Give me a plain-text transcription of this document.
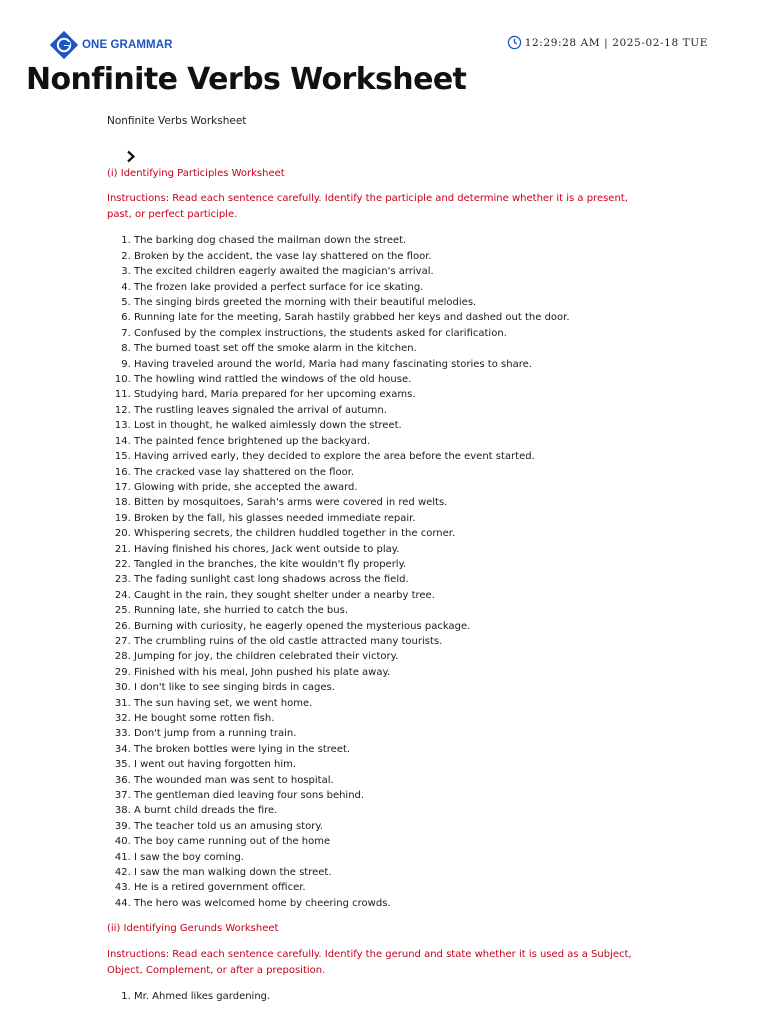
ONE GRAMMAR	12:29:28 AM | 2025-02-18 TUE
Nonfinite Verbs Worksheet
Nonfinite Verbs Worksheet

(i) Identifying Participles Worksheet

Instructions: Read each sentence carefully. Identify the participle and determine whether it is a present, past, or perfect participle.

1. The barking dog chased the mailman down the street.
2. Broken by the accident, the vase lay shattered on the floor.
3. The excited children eagerly awaited the magician's arrival.
4. The frozen lake provided a perfect surface for ice skating.
5. The singing birds greeted the morning with their beautiful melodies.
6. Running late for the meeting, Sarah hastily grabbed her keys and dashed out the door.
7. Confused by the complex instructions, the students asked for clarification.
8. The burned toast set off the smoke alarm in the kitchen.
9. Having traveled around the world, Maria had many fascinating stories to share.
10. The howling wind rattled the windows of the old house.
11. Studying hard, Maria prepared for her upcoming exams.
12. The rustling leaves signaled the arrival of autumn.
13. Lost in thought, he walked aimlessly down the street.
14. The painted fence brightened up the backyard.
15. Having arrived early, they decided to explore the area before the event started.
16. The cracked vase lay shattered on the floor.
17. Glowing with pride, she accepted the award.
18. Bitten by mosquitoes, Sarah's arms were covered in red welts.
19. Broken by the fall, his glasses needed immediate repair.
20. Whispering secrets, the children huddled together in the corner.
21. Having finished his chores, Jack went outside to play.
22. Tangled in the branches, the kite wouldn't fly properly.
23. The fading sunlight cast long shadows across the field.
24. Caught in the rain, they sought shelter under a nearby tree.
25. Running late, she hurried to catch the bus.
26. Burning with curiosity, he eagerly opened the mysterious package.
27. The crumbling ruins of the old castle attracted many tourists.
28. Jumping for joy, the children celebrated their victory.
29. Finished with his meal, John pushed his plate away.
30. I don't like to see singing birds in cages.
31. The sun having set, we went home.
32. He bought some rotten fish.
33. Don't jump from a running train.
34. The broken bottles were lying in the street.
35. I went out having forgotten him.
36. The wounded man was sent to hospital.
37. The gentleman died leaving four sons behind.
38. A burnt child dreads the fire.
39. The teacher told us an amusing story.
40. The boy came running out of the home
41. I saw the boy coming.
42. I saw the man walking down the street.
43. He is a retired government officer.
44. The hero was welcomed home by cheering crowds.

(ii) Identifying Gerunds Worksheet

Instructions: Read each sentence carefully. Identify the gerund and state whether it is used as a Subject, Object, Complement, or after a preposition.

1. Mr. Ahmed likes gardening.
